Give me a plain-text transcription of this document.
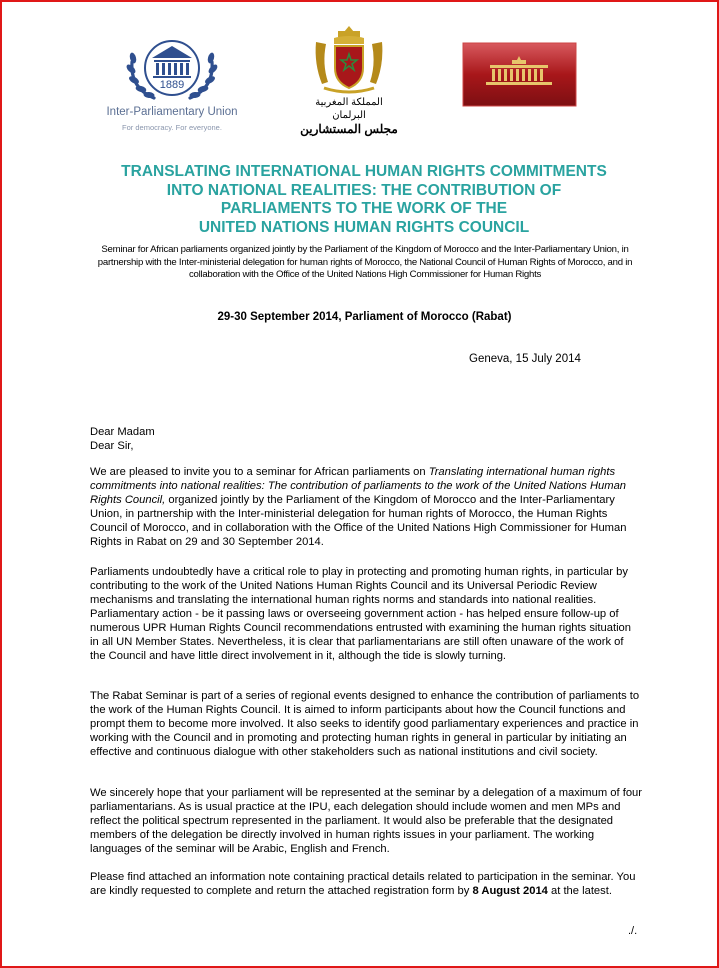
1889
Inter-Parliamentary Union
For democracy. For everyone.
المملكة المغربية
البرلمان
مجلس المستشارين
TRANSLATING INTERNATIONAL HUMAN RIGHTS COMMITMENTS
INTO NATIONAL REALITIES: THE CONTRIBUTION OF
PARLIAMENTS TO THE WORK OF THE
UNITED NATIONS HUMAN RIGHTS COUNCIL
Seminar for African parliaments organized jointly by the Parliament of the Kingdom of Morocco and the Inter-Parliamentary Union, in partnership with the Inter-ministerial delegation for human rights of Morocco, the National Council of Human Rights of Morocco, and in collaboration with the Office of the United Nations High Commissioner for Human Rights
29-30 September 2014, Parliament of Morocco (Rabat)
Geneva, 15 July 2014
Dear Madam
Dear Sir,

We are pleased to invite you to a seminar for African parliaments on Translating international human rights commitments into national realities: The contribution of parliaments to the work of the United Nations Human Rights Council, organized jointly by the Parliament of the Kingdom of Morocco and the Inter-Parliamentary Union, in partnership with the Inter-ministerial delegation for human rights of Morocco, the Human Rights Council of Morocco, and in collaboration with the Office of the United Nations High Commissioner for Human Rights in Rabat on 29 and 30 September 2014.

Parliaments undoubtedly have a critical role to play in protecting and promoting human rights, in particular by contributing to the work of the United Nations Human Rights Council and its Universal Periodic Review mechanisms and translating the international human rights norms and standards into national realities. Parliamentary action - be it passing laws or overseeing government action - has helped ensure follow-up of numerous UPR Human Rights Council recommendations entrusted with examining the human rights situation in all UN Member States. Nevertheless, it is clear that parliamentarians are still often unaware of the work of the Council and have little direct involvement in it, although the tide is slowly turning.

The Rabat Seminar is part of a series of regional events designed to enhance the contribution of parliaments to the work of the Human Rights Council. It is aimed to inform participants about how the Council functions and prompt them to become more involved. It also seeks to identify good parliamentary experiences and practice in working with the Council and in promoting and protecting human rights in general in particular by initiating an effective and continuous dialogue with other stakeholders such as national institutions and civil society.

We sincerely hope that your parliament will be represented at the seminar by a delegation of a maximum of four parliamentarians. As is usual practice at the IPU, each delegation should include women and men MPs and reflect the political spectrum represented in the parliament. It would also be preferable that the designated members of the delegation be directly involved in human rights issues in your parliament. The working languages of the seminar will be Arabic, English and French.

Please find attached an information note containing practical details related to participation in the seminar. You are kindly requested to complete and return the attached registration form by 8 August 2014 at the latest.

./.
